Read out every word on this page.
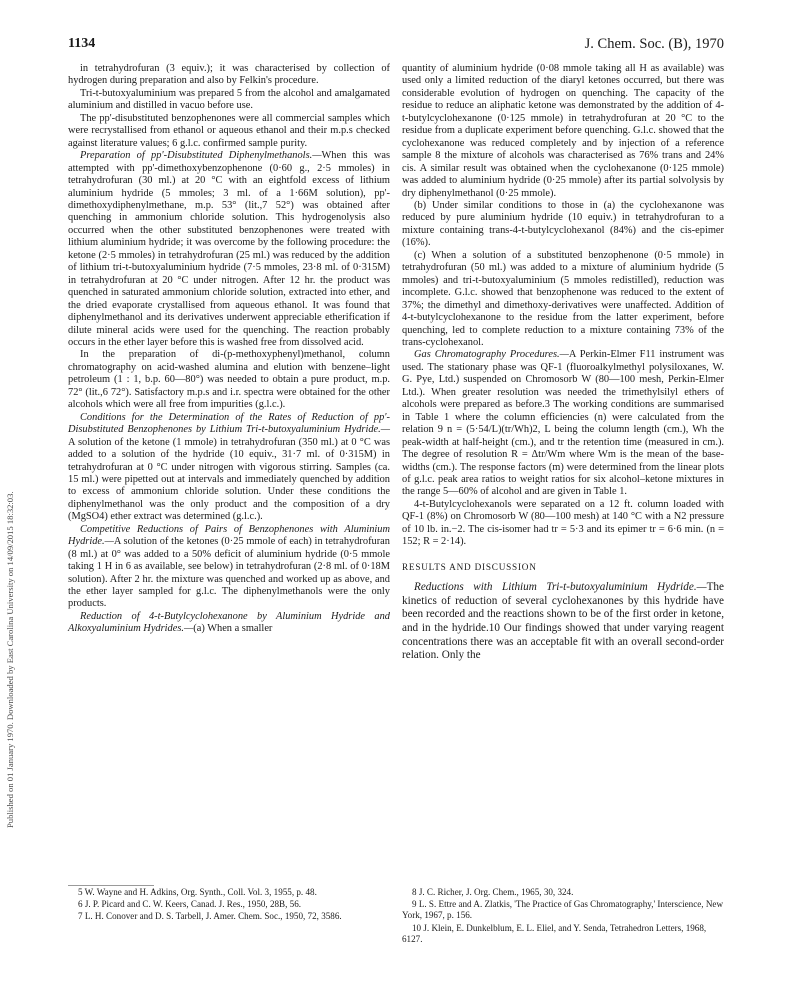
1134	J. Chem. Soc. (B), 1970
Published on 01 January 1970. Downloaded by East Carolina University on 14/09/2015 18:32:03.

in tetrahydrofuran (3 equiv.); it was characterised by collection of hydrogen during preparation and also by Felkin's procedure.

Tri-t-butoxyaluminium was prepared 5 from the alcohol and amalgamated aluminium and distilled in vacuo before use.

The pp'-disubstituted benzophenones were all commercial samples which were recrystallised from ethanol or aqueous ethanol and their m.p.s checked against literature values; 6 g.l.c. confirmed sample purity.

Preparation of pp'-Disubstituted Diphenylmethanols.—When this was attempted with pp'-dimethoxybenzophenone (0·60 g., 2·5 mmoles) in tetrahydrofuran (30 ml.) at 20 °C with an eightfold excess of lithium aluminium hydride (5 mmoles; 3 ml. of a 1·66M solution), pp'-dimethoxydiphenylmethane, m.p. 53° (lit.,7 52°) was obtained after quenching in ammonium chloride solution. This hydrogenolysis also occurred when the other substituted benzophenones were treated with lithium aluminium hydride; it was overcome by the following procedure: the ketone (2·5 mmoles) in tetrahydrofuran (25 ml.) was reduced by the addition of lithium tri-t-butoxyaluminium hydride (7·5 mmoles, 23·8 ml. of 0·315M) in tetrahydrofuran at 20 °C under nitrogen. After 12 hr. the product was quenched in saturated ammonium chloride solution, extracted into ether, and the dried evaporate crystallised from aqueous ethanol. It was found that diphenylmethanol and its derivatives underwent appreciable etherification if dilute mineral acids were used for the quenching. The reaction probably occurs in the ether layer before this is washed free from dissolved acid.

In the preparation of di-(p-methoxyphenyl)methanol, column chromatography on acid-washed alumina and elution with benzene–light petroleum (1 : 1, b.p. 60—80°) was needed to obtain a pure product, m.p. 72° (lit.,6 72°). Satisfactory m.p.s and i.r. spectra were obtained for the other alcohols which were all free from impurities (g.l.c.).

Conditions for the Determination of the Rates of Reduction of pp'-Disubstituted Benzophenones by Lithium Tri-t-butoxyaluminium Hydride.—A solution of the ketone (1 mmole) in tetrahydrofuran (350 ml.) at 0 °C was added to a solution of the hydride (10 equiv., 31·7 ml. of 0·315M) in tetrahydrofuran at 0 °C under nitrogen with vigorous stirring. Samples (ca. 15 ml.) were pipetted out at intervals and immediately quenched by addition to excess of ammonium chloride solution. Under these conditions the diphenylmethanol was the only product and the composition of a dry (MgSO4) ether extract was determined (g.l.c.).

Competitive Reductions of Pairs of Benzophenones with Aluminium Hydride.—A solution of the ketones (0·25 mmole of each) in tetrahydrofuran (8 ml.) at 0° was added to a 50% deficit of aluminium hydride (0·5 mmole taking 1 H in 6 as available, see below) in tetrahydrofuran (2·8 ml. of 0·18M solution). After 2 hr. the mixture was quenched and worked up as above, and the ether layer sampled for g.l.c. The diphenylmethanols were the only products.

Reduction of 4-t-Butylcyclohexanone by Aluminium Hydride and Alkoxyaluminium Hydrides.—(a) When a smaller

quantity of aluminium hydride (0·08 mmole taking all H as available) was used only a limited reduction of the diaryl ketones occurred, but there was considerable evolution of hydrogen on quenching. The capacity of the residue to reduce an aliphatic ketone was demonstrated by the addition of 4-t-butylcyclohexanone (0·125 mmole) in tetrahydrofuran at 20 °C to the residue from a duplicate experiment before quenching. G.l.c. showed that the cyclohexanone was reduced completely and by injection of a reference sample 8 the mixture of alcohols was characterised as 76% trans and 24% cis. A similar result was obtained when the cyclohexanone (0·125 mmole) was added to aluminium hydride (0·25 mmole) after its partial solvolysis by dry diphenylmethanol (0·25 mmole).

(b) Under similar conditions to those in (a) the cyclohexanone was reduced by pure aluminium hydride (10 equiv.) in tetrahydrofuran to a mixture containing trans-4-t-butylcyclohexanol (84%) and the cis-epimer (16%).

(c) When a solution of a substituted benzophenone (0·5 mmole) in tetrahydrofuran (50 ml.) was added to a mixture of aluminium hydride (5 mmoles) and tri-t-butoxyaluminium (5 mmoles redistilled), reduction was incomplete. G.l.c. showed that benzophenone was reduced to the extent of 37%; the dimethyl and dimethoxy-derivatives were unaffected. Addition of 4-t-butylcyclohexanone to the residue from the latter experiment, before quenching, led to complete reduction to a mixture containing 73% of the trans-cyclohexanol.

Gas Chromatography Procedures.—A Perkin-Elmer F11 instrument was used. The stationary phase was QF-1 (fluoroalkylmethyl polysiloxanes, W. G. Pye, Ltd.) suspended on Chromosorb W (80—100 mesh, Perkin-Elmer Ltd.). When greater resolution was needed the trimethylsilyl ethers of alcohols were prepared as before.3 The working conditions are summarised in Table 1 where the column efficiencies (n) were calculated from the relation 9 n = (5·54/L)(tr/Wh)2, L being the column length (cm.), Wh the peak-width at half-height (cm.), and tr the retention time (measured in cm.). The degree of resolution R = Δtr/Wm where Wm is the mean of the base-widths (cm.). The response factors (m) were determined from the linear plots of g.l.c. peak area ratios to weight ratios for six alcohol–ketone mixtures in the range 5—60% of alcohol and are given in Table 1.

4-t-Butylcyclohexanols were separated on a 12 ft. column loaded with QF-1 (8%) on Chromosorb W (80—100 mesh) at 140 °C with a N2 pressure of 10 lb. in.−2. The cis-isomer had tr = 5·3 and its epimer tr = 6·6 min. (n = 152; R = 2·14).

RESULTS AND DISCUSSION

Reductions with Lithium Tri-t-butoxyaluminium Hydride.—The kinetics of reduction of several cyclohexanones by this hydride have been recorded and the reactions shown to be of the first order in ketone, and in the hydride.10 Our findings showed that under varying reagent concentrations there was an acceptable fit with an overall second-order relation. Only the

5 W. Wayne and H. Adkins, Org. Synth., Coll. Vol. 3, 1955, p. 48.
6 J. P. Picard and C. W. Keers, Canad. J. Res., 1950, 28B, 56.
7 L. H. Conover and D. S. Tarbell, J. Amer. Chem. Soc., 1950, 72, 3586.
8 J. C. Richer, J. Org. Chem., 1965, 30, 324.
9 L. S. Ettre and A. Zlatkis, 'The Practice of Gas Chromatography,' Interscience, New York, 1967, p. 156.
10 J. Klein, E. Dunkelblum, E. L. Eliel, and Y. Senda, Tetrahedron Letters, 1968, 6127.
